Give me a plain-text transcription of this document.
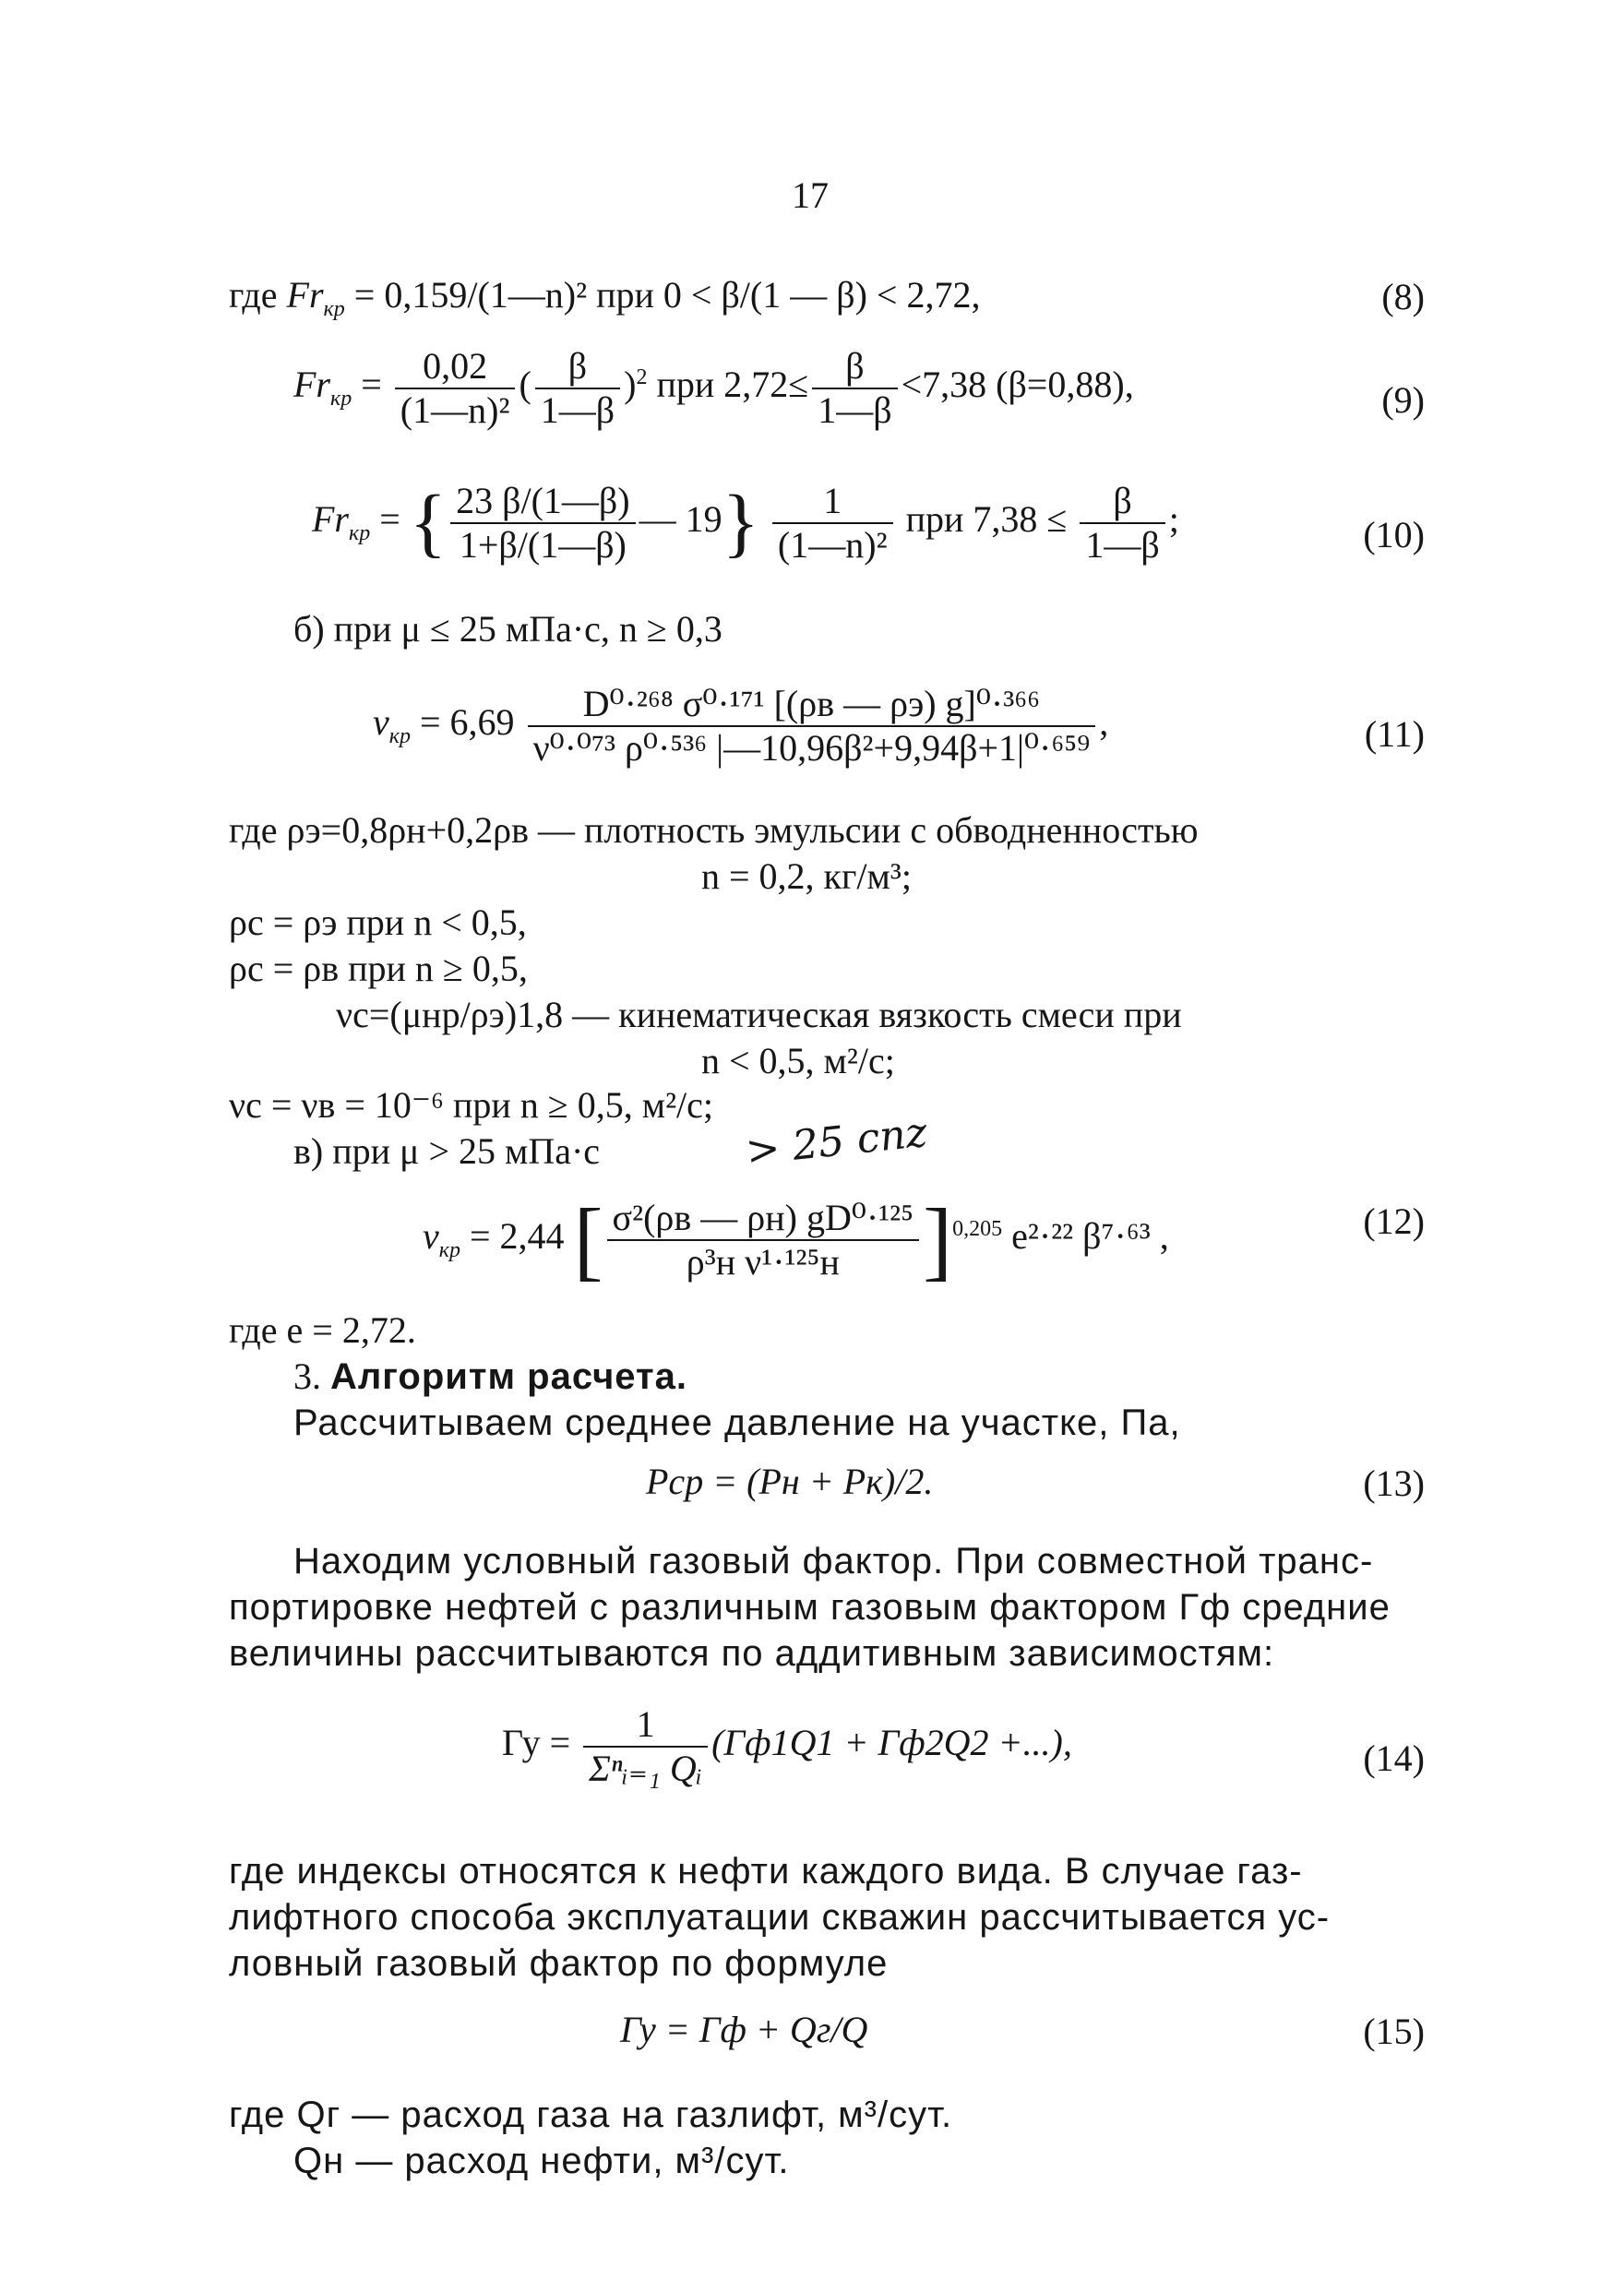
17
где $Fr_{кр}$ = 0,159/(1—n)² при 0 < β/(1 — β) < 2,72,	(8)
$Fr_{кр} = \frac{0,02}{\text{(1—n)²}}$ ( $\frac{\beta}{1—\beta} )^2$ при $2,72\le \frac{\beta}{1—\beta} <7,38$ (β=0,88),	(9)
$Fr_{кр}$ = { $\frac{23 \beta/(1—\beta)}{1+\beta/(1—\beta)}$ — $19\} \frac{1}{\text{(1—n)²}}$ при $7,38 \le \frac{\beta}{1—\beta}$ ;	(10)
б) при μ ≤ 25 мПа·с, n ≥ 0,3
$v_{кр} = 6,69 \frac{\text{D⁰·²⁶⁸ σ⁰·¹⁷¹ [(ρв — ρэ) g]⁰·³⁶⁶}}{\text{ν⁰·⁰⁷³ ρ⁰·⁵³⁶ |—10,96β²+9,94β+1|⁰·⁶⁵⁹}}$ ,	(11)
где ρэ=0,8ρн+0,2ρв — плотность эмульсии с обводненностью
n = 0,2, кг/м³;
ρc = ρэ при n < 0,5,
ρc = ρв при n ≥ 0,5,
νc=(μнр/ρэ)1,8 — кинематическая вязкость смеси при
n < 0,5, м²/с;
νc = νв = 10⁻⁶ при n ≥ 0,5, м²/с;
в) при μ > 25 мПа·с	> 25 cnz
$v_{кр} = 2,44$ [ $\frac{\text{σ²(ρв — ρн) gD⁰·¹²⁵}}{\text{ρ³н ν¹·¹²⁵н}} ]^{0,205}$ e²·²² β⁷·⁶³ ,	(12)
где e = 2,72.
3. Алгоритм расчета.
Рассчитываем среднее давление на участке, Па,
Pср = (Pн + Pк)/2.	(13)
Находим условный газовый фактор. При совместной транс-
портировке нефтей с различным газовым фактором Гф средние
величины рассчитываются по аддитивным зависимостям:
Гу = $\frac{1}{\text{Σⁿᵢ₌₁ Qᵢ}} (Гф1Q1 + Гф2Q2$ +...),	(14)
где индексы относятся к нефти каждого вида. В случае газ-
лифтного способа эксплуатации скважин рассчитывается ус-
ловный газовый фактор по формуле
Гу = Гф + Qг/Q	(15)
где Qг — расход газа на газлифт, м³/сут.
Qн — расход нефти, м³/сут.
